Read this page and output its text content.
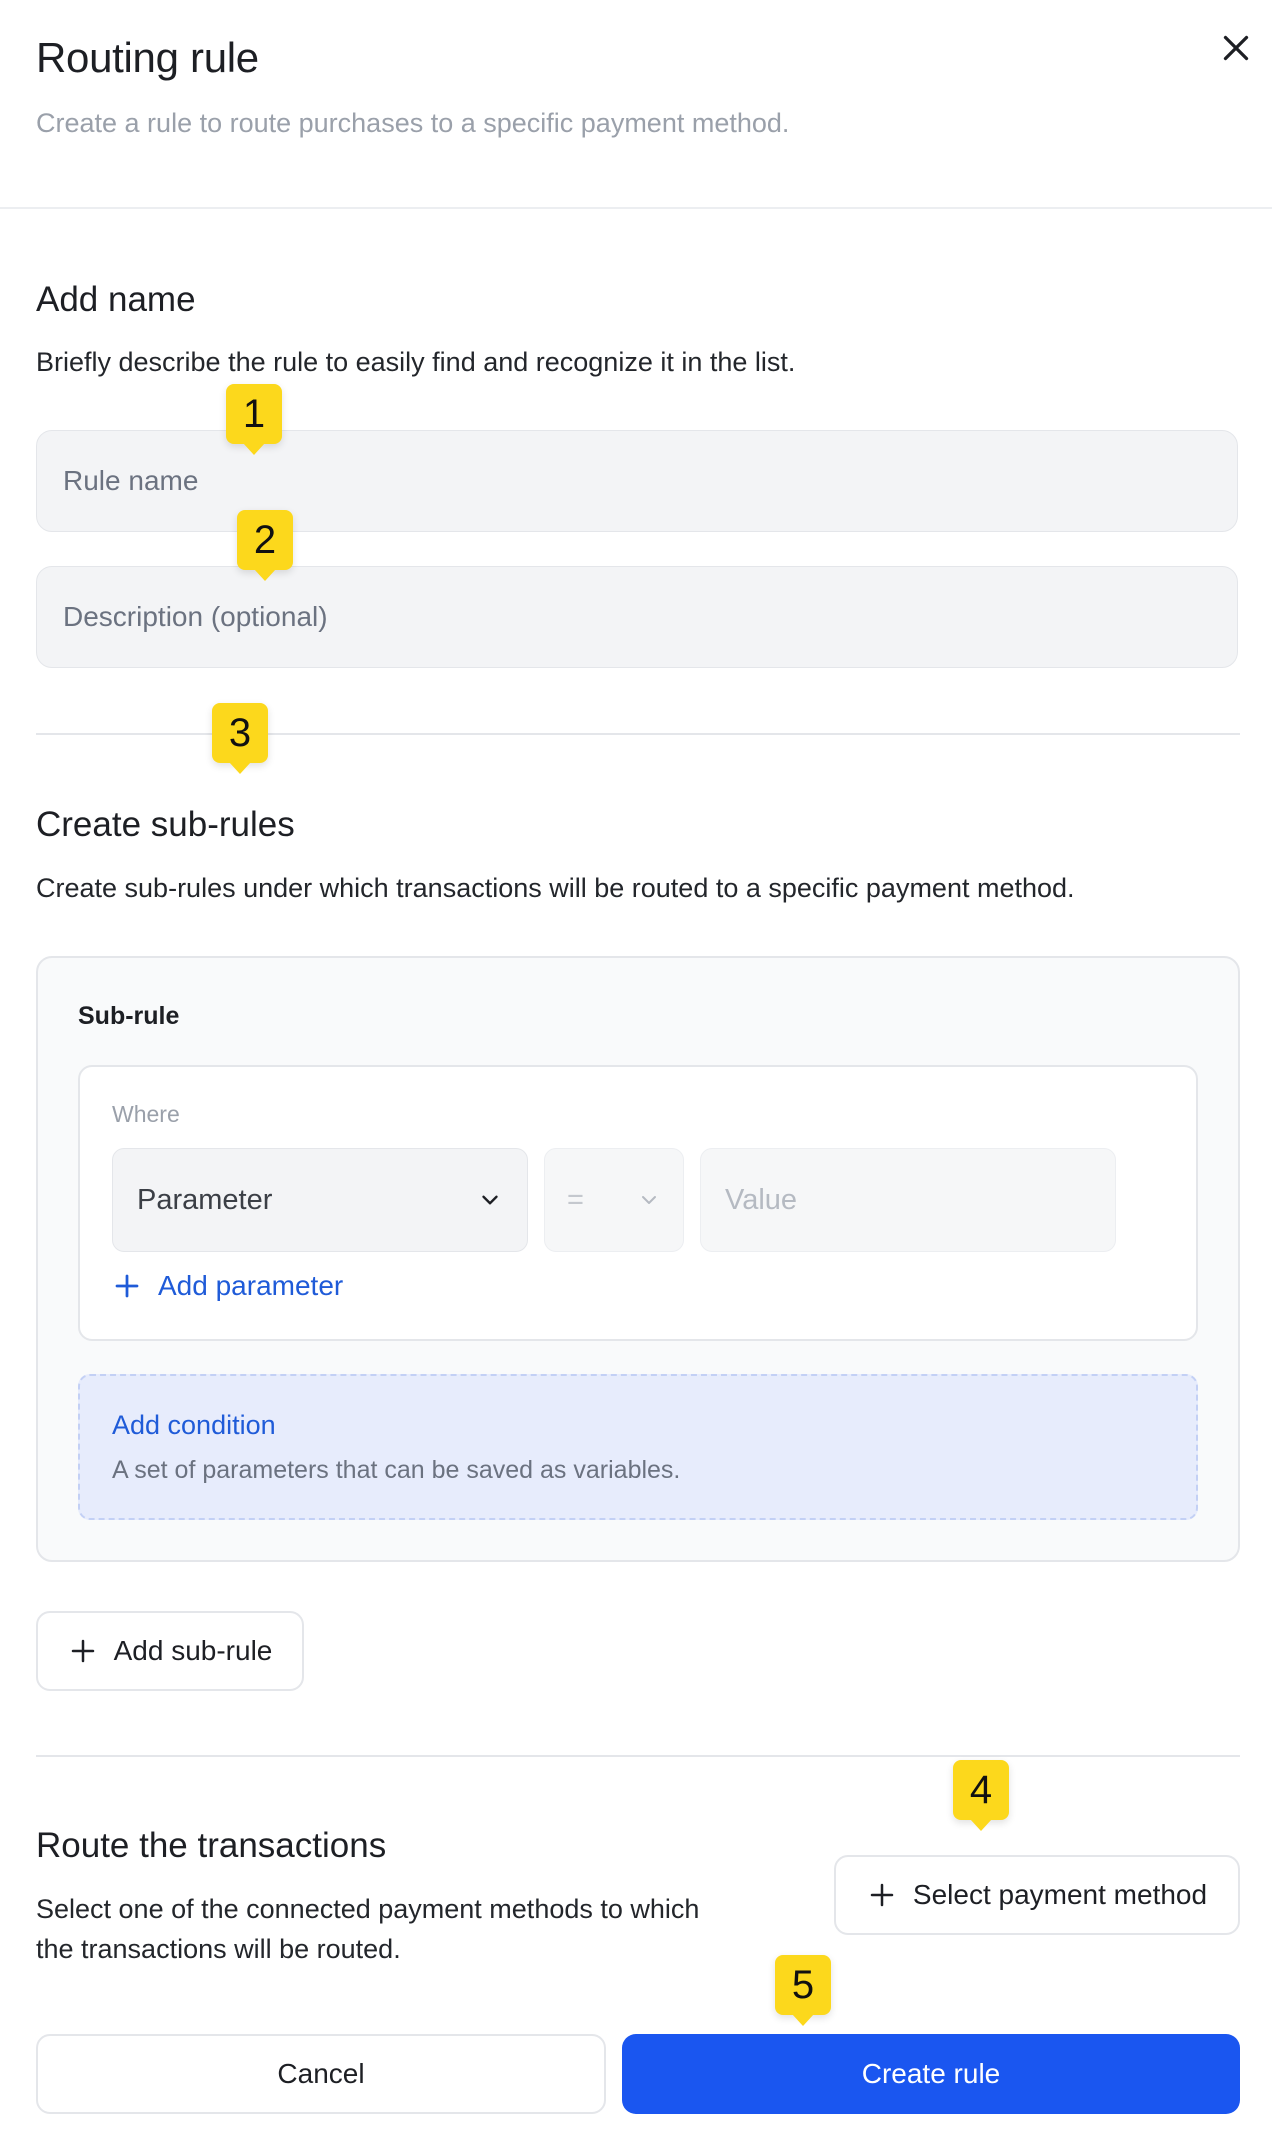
Routing rule
Create a rule to route purchases to a specific payment method.
Add name
Briefly describe the rule to easily find and recognize it in the list.
Rule name
Description (optional)
Create sub-rules
Create sub-rules under which transactions will be routed to a specific payment method.
Sub-rule
Where
Parameter	=	Value
Add parameter
Add condition
A set of parameters that can be saved as variables.
Add sub-rule
Route the transactions
Select one of the connected payment methods to which
the transactions will be routed.
Select payment method
Cancel	Create rule
1
2
3
4
5
